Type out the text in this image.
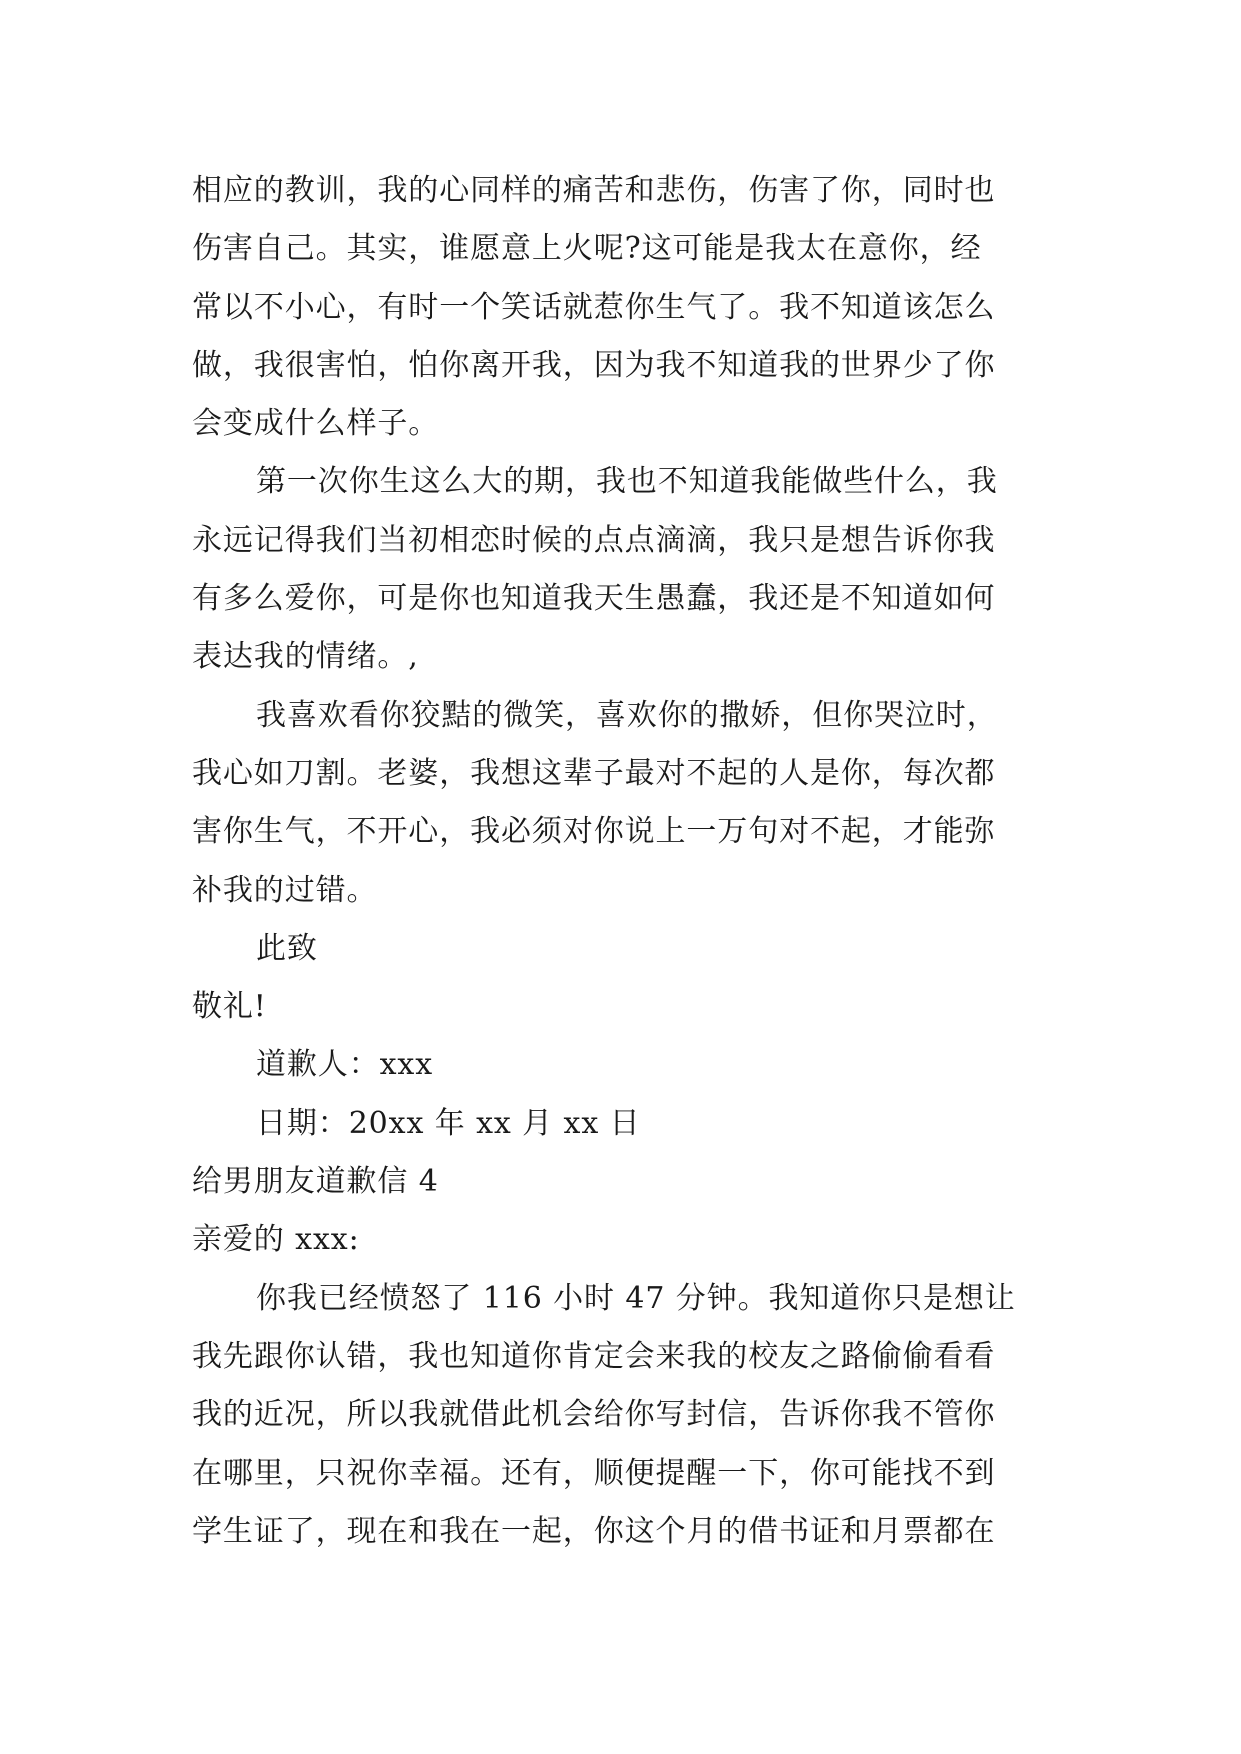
相应的教训，我的心同样的痛苦和悲伤，伤害了你，同时也
伤害自己。其实，谁愿意上火呢?这可能是我太在意你，经
常以不小心，有时一个笑话就惹你生气了。我不知道该怎么
做，我很害怕，怕你离开我，因为我不知道我的世界少了你
会变成什么样子。
第一次你生这么大的期，我也不知道我能做些什么，我
永远记得我们当初相恋时候的点点滴滴，我只是想告诉你我
有多么爱你，可是你也知道我天生愚蠢，我还是不知道如何
表达我的情绪。,
我喜欢看你狡黠的微笑，喜欢你的撒娇，但你哭泣时，
我心如刀割。老婆，我想这辈子最对不起的人是你，每次都
害你生气，不开心，我必须对你说上一万句对不起，才能弥
补我的过错。
此致
敬礼!
道歉人：xxx
日期：20xx 年 xx 月 xx 日
给男朋友道歉信 4
亲爱的 xxx:
你我已经愤怒了 116 小时 47 分钟。我知道你只是想让
我先跟你认错，我也知道你肯定会来我的校友之路偷偷看看
我的近况，所以我就借此机会给你写封信，告诉你我不管你
在哪里，只祝你幸福。还有，顺便提醒一下，你可能找不到
学生证了，现在和我在一起，你这个月的借书证和月票都在
